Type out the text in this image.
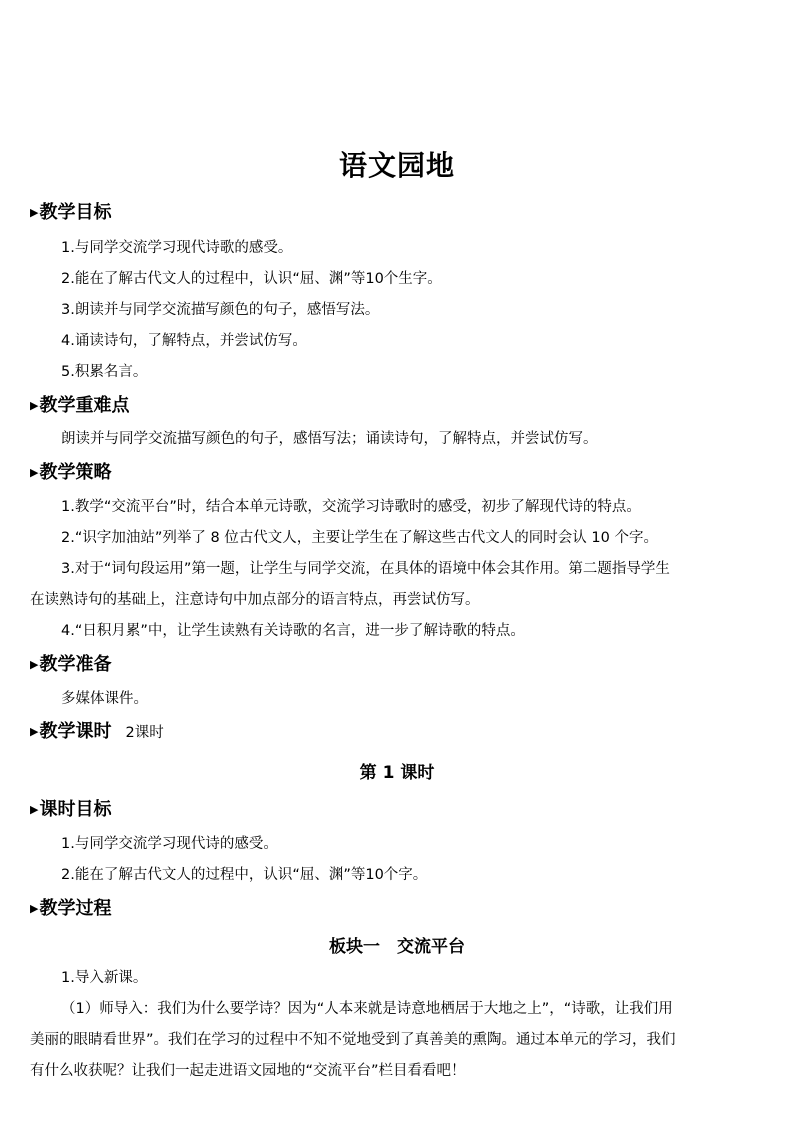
语文园地
▶教学目标
1.与同学交流学习现代诗歌的感受。
2.能在了解古代文人的过程中，认识“屈、渊”等10个生字。
3.朗读并与同学交流描写颜色的句子，感悟写法。
4.诵读诗句，了解特点，并尝试仿写。
5.积累名言。
▶教学重难点
朗读并与同学交流描写颜色的句子，感悟写法；诵读诗句，了解特点，并尝试仿写。
▶教学策略
1.教学“交流平台”时，结合本单元诗歌，交流学习诗歌时的感受，初步了解现代诗的特点。
2.“识字加油站”列举了 8 位古代文人，主要让学生在了解这些古代文人的同时会认 10 个字。
3.对于“词句段运用”第一题，让学生与同学交流，在具体的语境中体会其作用。第二题指导学生
在读熟诗句的基础上，注意诗句中加点部分的语言特点，再尝试仿写。
4.“日积月累”中，让学生读熟有关诗歌的名言，进一步了解诗歌的特点。
▶教学准备
多媒体课件。
▶教学课时 2课时
第 1 课时
▶课时目标
1.与同学交流学习现代诗的感受。
2.能在了解古代文人的过程中，认识“屈、渊”等10个字。
▶教学过程
板块一　交流平台
1.导入新课。
（1）师导入：我们为什么要学诗？因为“人本来就是诗意地栖居于大地之上”，“诗歌，让我们用
美丽的眼睛看世界”。我们在学习的过程中不知不觉地受到了真善美的熏陶。通过本单元的学习，我们
有什么收获呢？让我们一起走进语文园地的“交流平台”栏目看看吧！
